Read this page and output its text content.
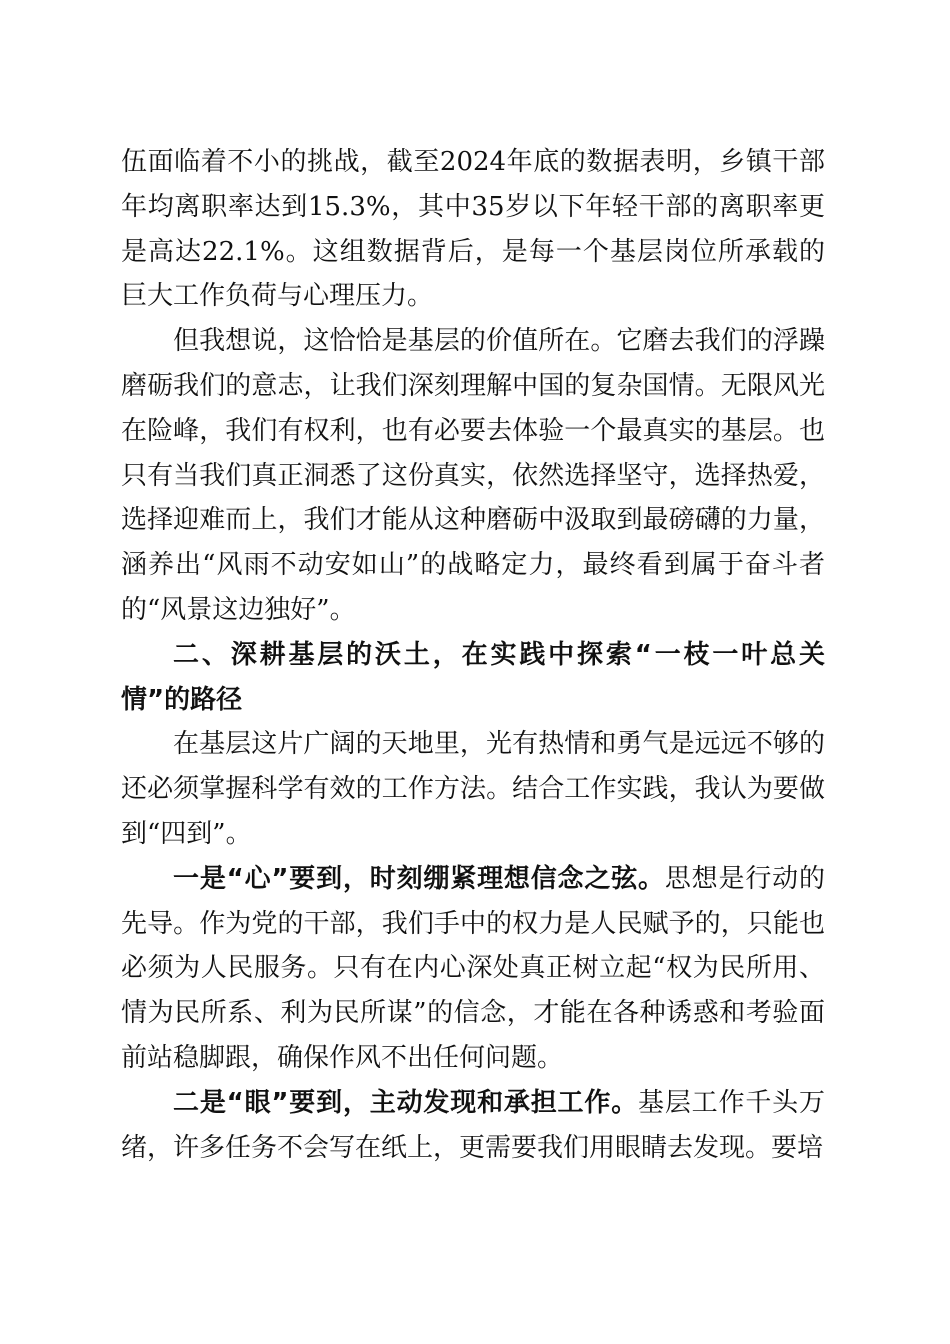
伍面临着不小的挑战，截至2024年底的数据表明，乡镇干部年均离职率达到15.3%，其中35岁以下年轻干部的离职率更是高达22.1%。这组数据背后，是每一个基层岗位所承载的巨大工作负荷与心理压力。

但我想说，这恰恰是基层的价值所在。它磨去我们的浮躁磨砺我们的意志，让我们深刻理解中国的复杂国情。无限风光在险峰，我们有权利，也有必要去体验一个最真实的基层。也只有当我们真正洞悉了这份真实，依然选择坚守，选择热爱，选择迎难而上，我们才能从这种磨砺中汲取到最磅礴的力量，涵养出“风雨不动安如山”的战略定力，最终看到属于奋斗者的“风景这边独好”。

二、深耕基层的沃土，在实践中探索“一枝一叶总关情”的路径

在基层这片广阔的天地里，光有热情和勇气是远远不够的还必须掌握科学有效的工作方法。结合工作实践，我认为要做到“四到”。

一是“心”要到，时刻绷紧理想信念之弦。思想是行动的先导。作为党的干部，我们手中的权力是人民赋予的，只能也必须为人民服务。只有在内心深处真正树立起“权为民所用、情为民所系、利为民所谋”的信念，才能在各种诱惑和考验面前站稳脚跟，确保作风不出任何问题。

二是“眼”要到，主动发现和承担工作。基层工作千头万绪，许多任务不会写在纸上，更需要我们用眼睛去发现。要培
